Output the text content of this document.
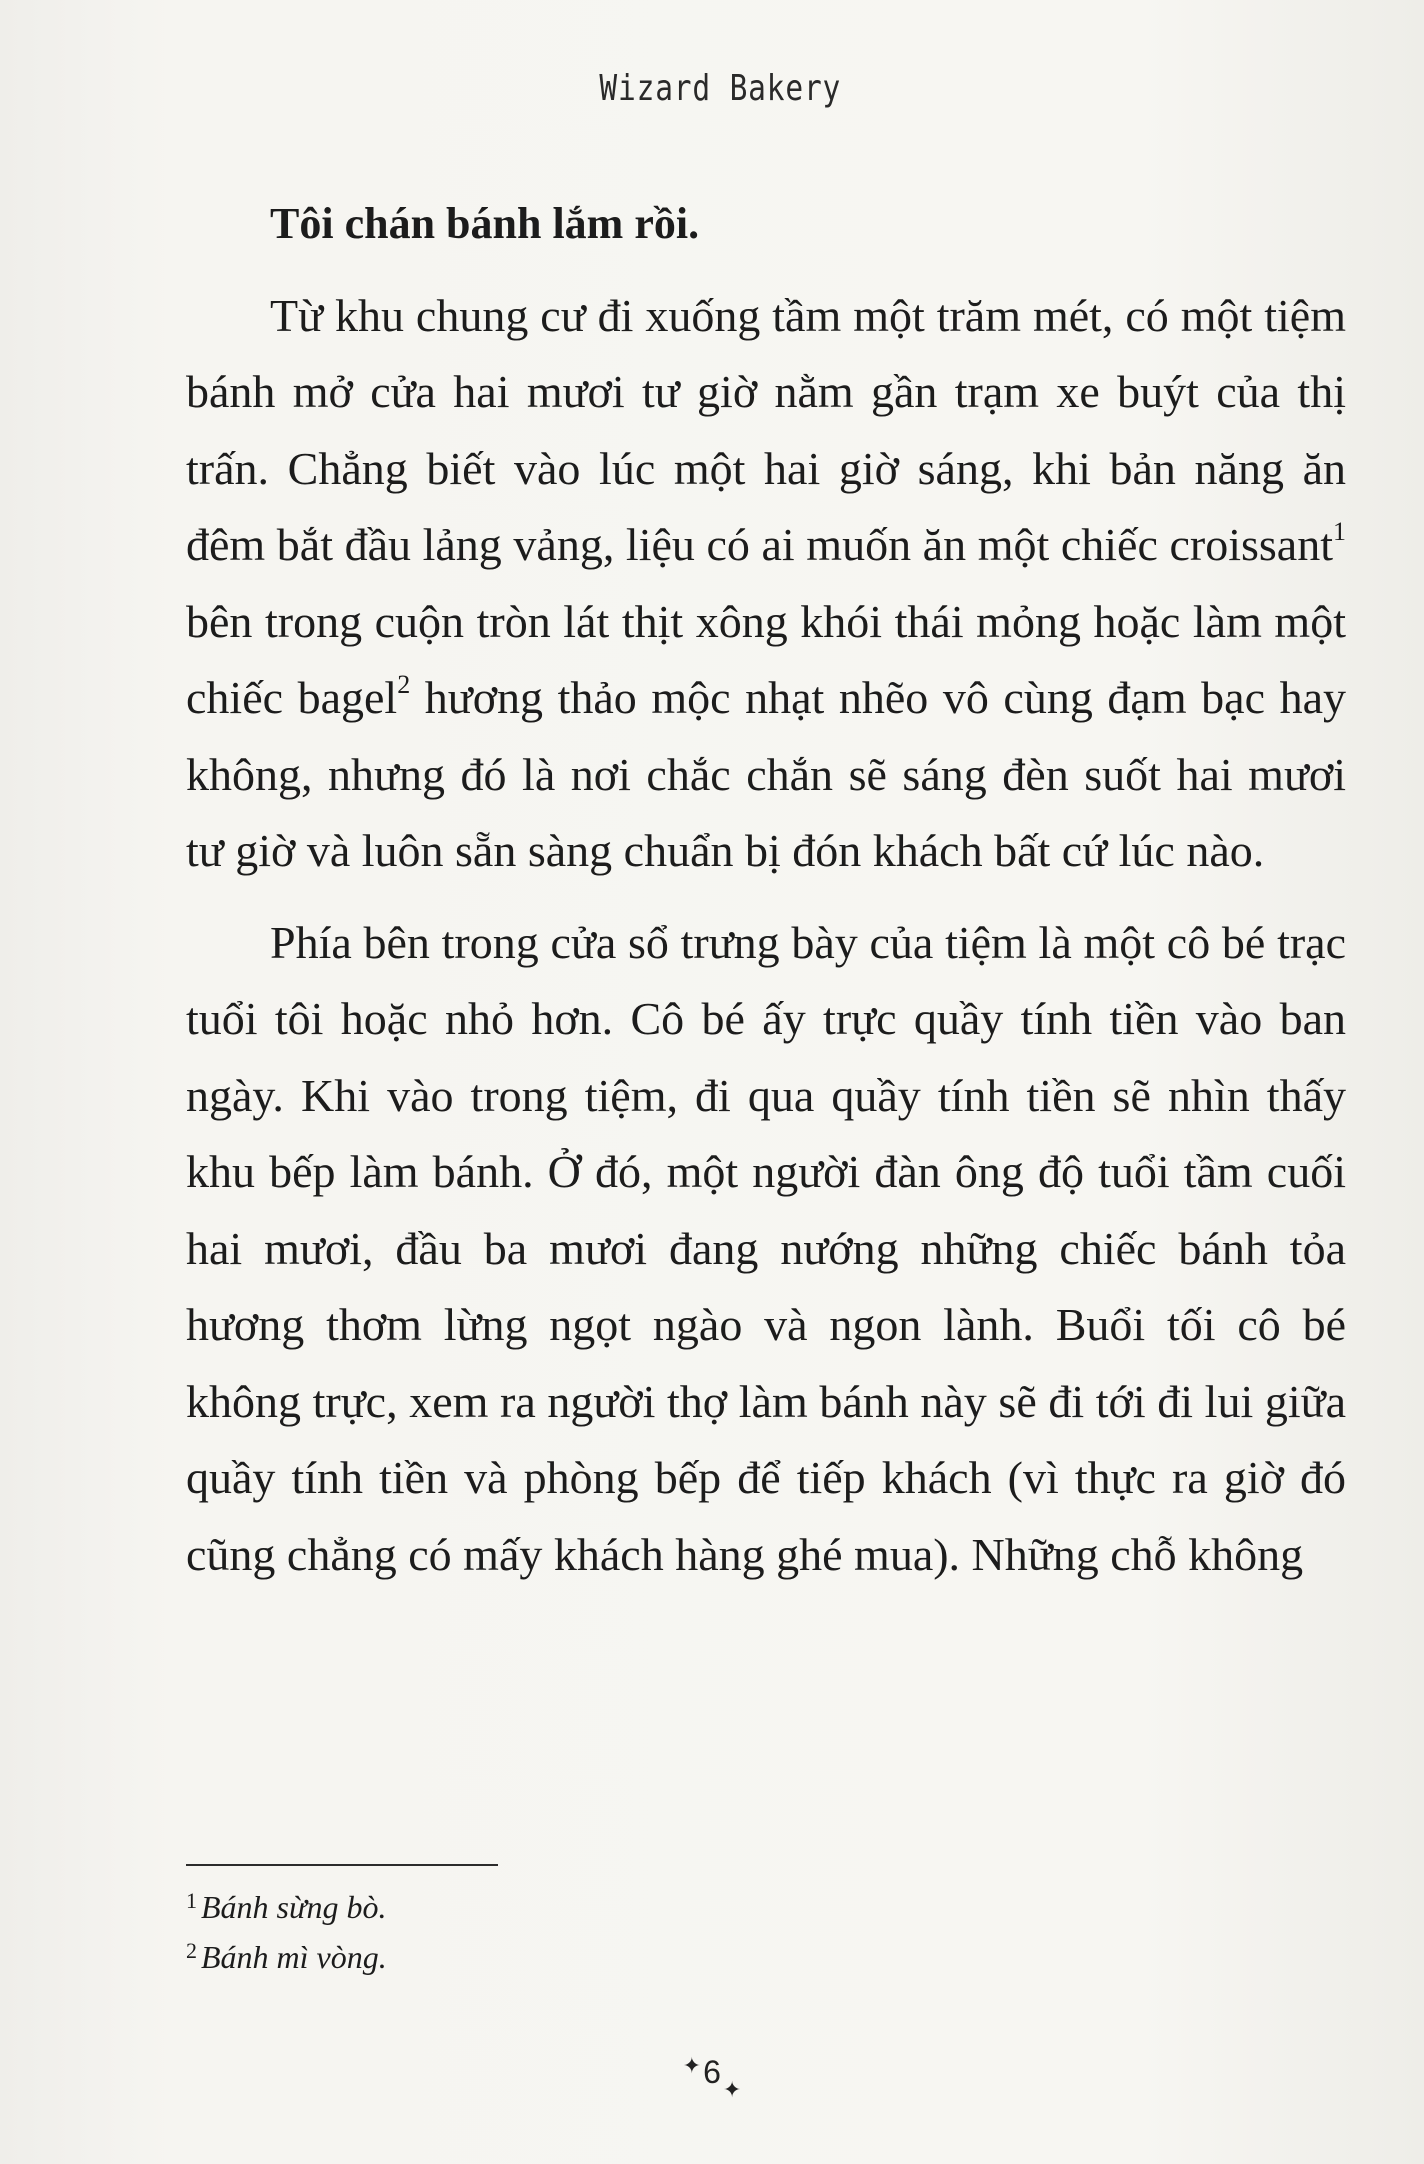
Wizard Bakery

Tôi chán bánh lắm rồi.

Từ khu chung cư đi xuống tầm một trăm mét, có một tiệm bánh mở cửa hai mươi tư giờ nằm gần trạm xe buýt của thị trấn. Chẳng biết vào lúc một hai giờ sáng, khi bản năng ăn đêm bắt đầu lảng vảng, liệu có ai muốn ăn một chiếc croissant$^1$ bên trong cuộn tròn lát thịt xông khói thái mỏng hoặc làm một chiếc bagel$^2$ hương thảo mộc nhạt nhẽo vô cùng đạm bạc hay không, nhưng đó là nơi chắc chắn sẽ sáng đèn suốt hai mươi tư giờ và luôn sẵn sàng chuẩn bị đón khách bất cứ lúc nào.

Phía bên trong cửa sổ trưng bày của tiệm là một cô bé trạc tuổi tôi hoặc nhỏ hơn. Cô bé ấy trực quầy tính tiền vào ban ngày. Khi vào trong tiệm, đi qua quầy tính tiền sẽ nhìn thấy khu bếp làm bánh. Ở đó, một người đàn ông độ tuổi tầm cuối hai mươi, đầu ba mươi đang nướng những chiếc bánh tỏa hương thơm lừng ngọt ngào và ngon lành. Buổi tối cô bé không trực, xem ra người thợ làm bánh này sẽ đi tới đi lui giữa quầy tính tiền và phòng bếp để tiếp khách (vì thực ra giờ đó cũng chẳng có mấy khách hàng ghé mua). Những chỗ không

$^1$ Bánh sừng bò.
$^2$ Bánh mì vòng.
✦6✦
